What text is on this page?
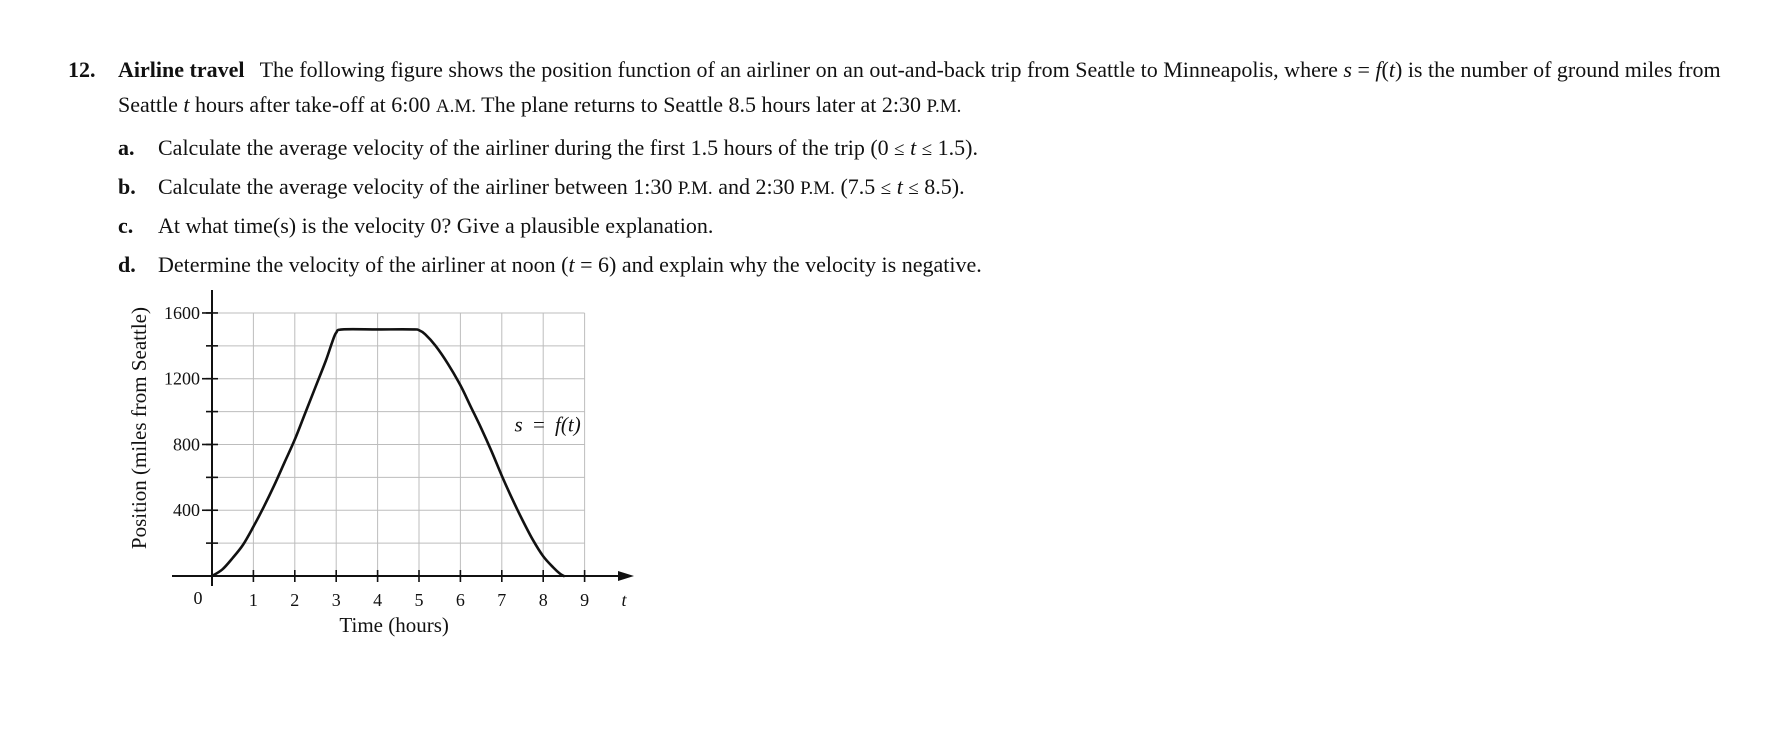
12. Airline travel The following figure shows the position function of an airliner on an out-and-back trip from Seattle to Minneapolis, where s = f(t) is the number of ground miles from Seattle t hours after take-off at 6:00 A.M. The plane returns to Seattle 8.5 hours later at 2:30 P.M.
a. Calculate the average velocity of the airliner during the first 1.5 hours of the trip (0 ≤ t ≤ 1.5).
b. Calculate the average velocity of the airliner between 1:30 P.M. and 2:30 P.M. (7.5 ≤ t ≤ 8.5).
c. At what time(s) is the velocity 0? Give a plausible explanation.
d. Determine the velocity of the airliner at noon (t = 6) and explain why the velocity is negative.
1 2 3 4 5 6 7 8 9
400
800
1200
1600
t
0
Time (hours)
Position (miles from Seattle)	s = f(t)
